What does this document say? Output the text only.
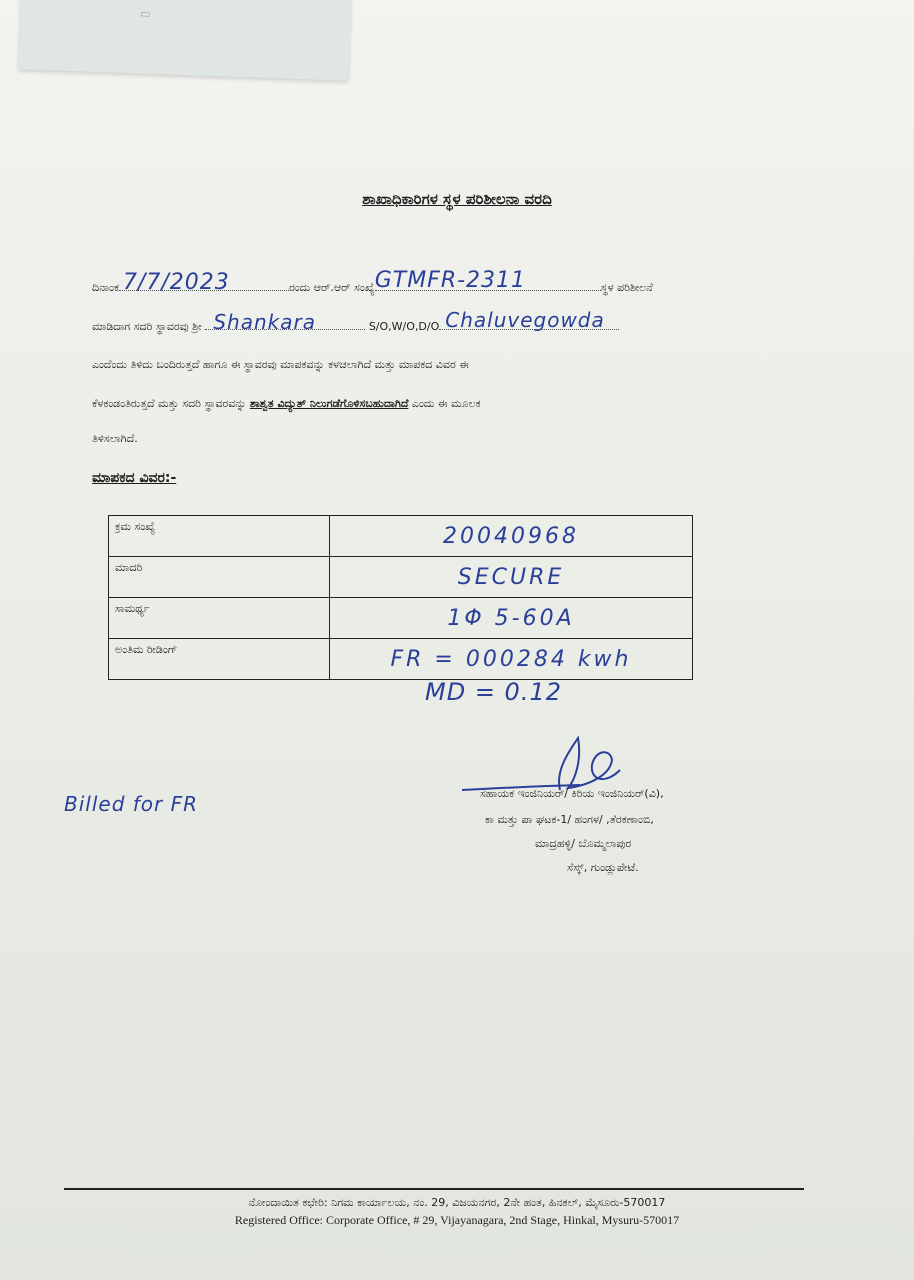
▭
ಶಾಖಾಧಿಕಾರಿಗಳ ಸ್ಥಳ ಪರಿಶೀಲನಾ ವರದಿ
ದಿನಾಂಕ 7/7/2023	ರಂದು ಆರ್.ಆರ್ ಸಂಖ್ಯೆ GTMFR-2311	ಸ್ಥಳ ಪರಿಶೀಲನೆ
ಮಾಡಿದಾಗ ಸದರಿ ಸ್ಥಾವರವು ಶ್ರೀ Shankara	S/O,W/O,D/O Chaluvegowda
ಎಂದೆಂದು ತಿಳಿದು ಬಂದಿರುತ್ತದೆ ಹಾಗೂ ಈ ಸ್ಥಾವರವು ಮಾಪಕವನ್ನು ಕಳಚಲಾಗಿದೆ ಮತ್ತು ಮಾಪಕದ ವಿವರ ಈ
ಕೆಳಕಂಡಂತಿರುತ್ತದೆ ಮತ್ತು ಸದರಿ ಸ್ಥಾವರವನ್ನು ಶಾಶ್ವತ ವಿದ್ಯುತ್ ನಿಲುಗಡೆಗೊಳಿಸಬಹುದಾಗಿದೆ ಎಂದು ಈ ಮೂಲಕ
ತಿಳಿಸಲಾಗಿದೆ.
ಮಾಪಕದ ವಿವರ:-
ಕ್ರಮ ಸಂಖ್ಯೆ	20040968
ಮಾದರಿ	SECURE
ಸಾಮರ್ಥ್ಯ	1Φ 5-60A
ಅಂತಿಮ ರೀಡಿಂಗ್	FR = 000284 kwh
MD = 0.12
Billed for FR	ಸಹಾಯಕ ಇಂಜಿನಿಯರ್/ ಕಿರಿಯ ಇಂಜಿನಿಯರ್(ವಿ),
ಕಾ ಮತ್ತು ಪಾ ಘಟಕ-1/ ಹಂಗಳ/ ,ತೆರಕಣಾಂಬಿ,
ಮಾದ್ರಹಳ್ಳಿ/ ಬೊಮ್ಮಲಾಪುರ
ಸೆಸ್ಕ್, ಗುಂಡ್ಲುಪೇಟೆ.
ನೋಂದಾಯಿತ ಕಛೇರಿ: ನಿಗಮ ಕಾರ್ಯಾಲಯ, ನಂ. 29, ವಿಜಯನಗರ, 2ನೇ ಹಂತ, ಹಿನಕಲ್, ಮೈಸೂರು-570017
Registered Office: Corporate Office, # 29, Vijayanagara, 2nd Stage, Hinkal, Mysuru-570017
